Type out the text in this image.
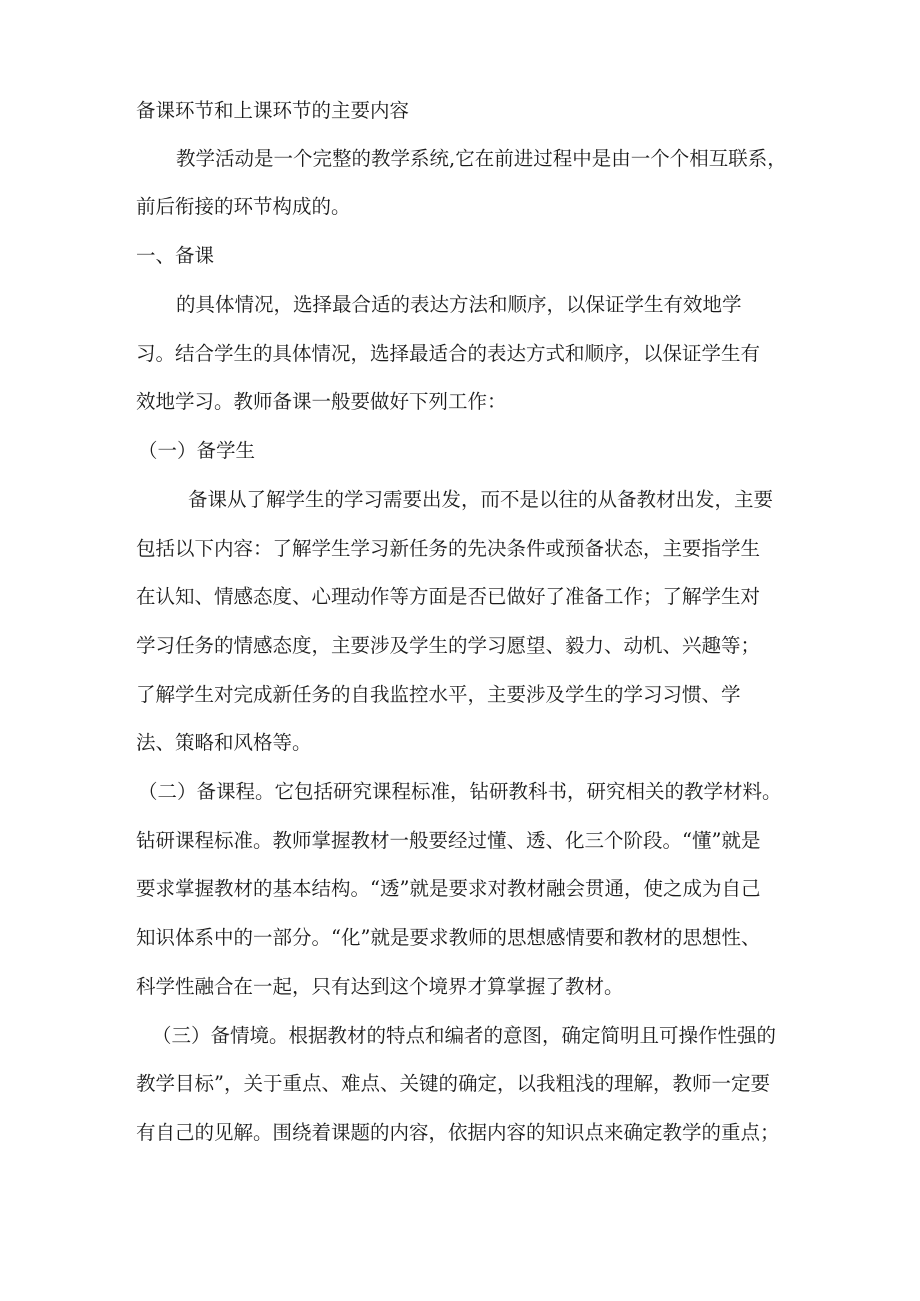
备课环节和上课环节的主要内容
教学活动是一个完整的教学系统,它在前进过程中是由一个个相互联系，
前后衔接的环节构成的。
一、备课
的具体情况，选择最合适的表达方法和顺序，以保证学生有效地学
习。结合学生的具体情况，选择最适合的表达方式和顺序，以保证学生有
效地学习。教师备课一般要做好下列工作：
（一）备学生
备课从了解学生的学习需要出发，而不是以往的从备教材出发，主要
包括以下内容：了解学生学习新任务的先决条件或预备状态，主要指学生
在认知、情感态度、心理动作等方面是否已做好了准备工作；了解学生对
学习任务的情感态度，主要涉及学生的学习愿望、毅力、动机、兴趣等；
了解学生对完成新任务的自我监控水平，主要涉及学生的学习习惯、学
法、策略和风格等。
（二）备课程。它包括研究课程标准，钻研教科书，研究相关的教学材料。
钻研课程标准。教师掌握教材一般要经过懂、透、化三个阶段。“懂”就是
要求掌握教材的基本结构。“透”就是要求对教材融会贯通，使之成为自己
知识体系中的一部分。“化”就是要求教师的思想感情要和教材的思想性、
科学性融合在一起，只有达到这个境界才算掌握了教材。
（三）备情境。根据教材的特点和编者的意图，确定简明且可操作性强的
教学目标”，关于重点、难点、关键的确定，以我粗浅的理解，教师一定要
有自己的见解。围绕着课题的内容，依据内容的知识点来确定教学的重点；
